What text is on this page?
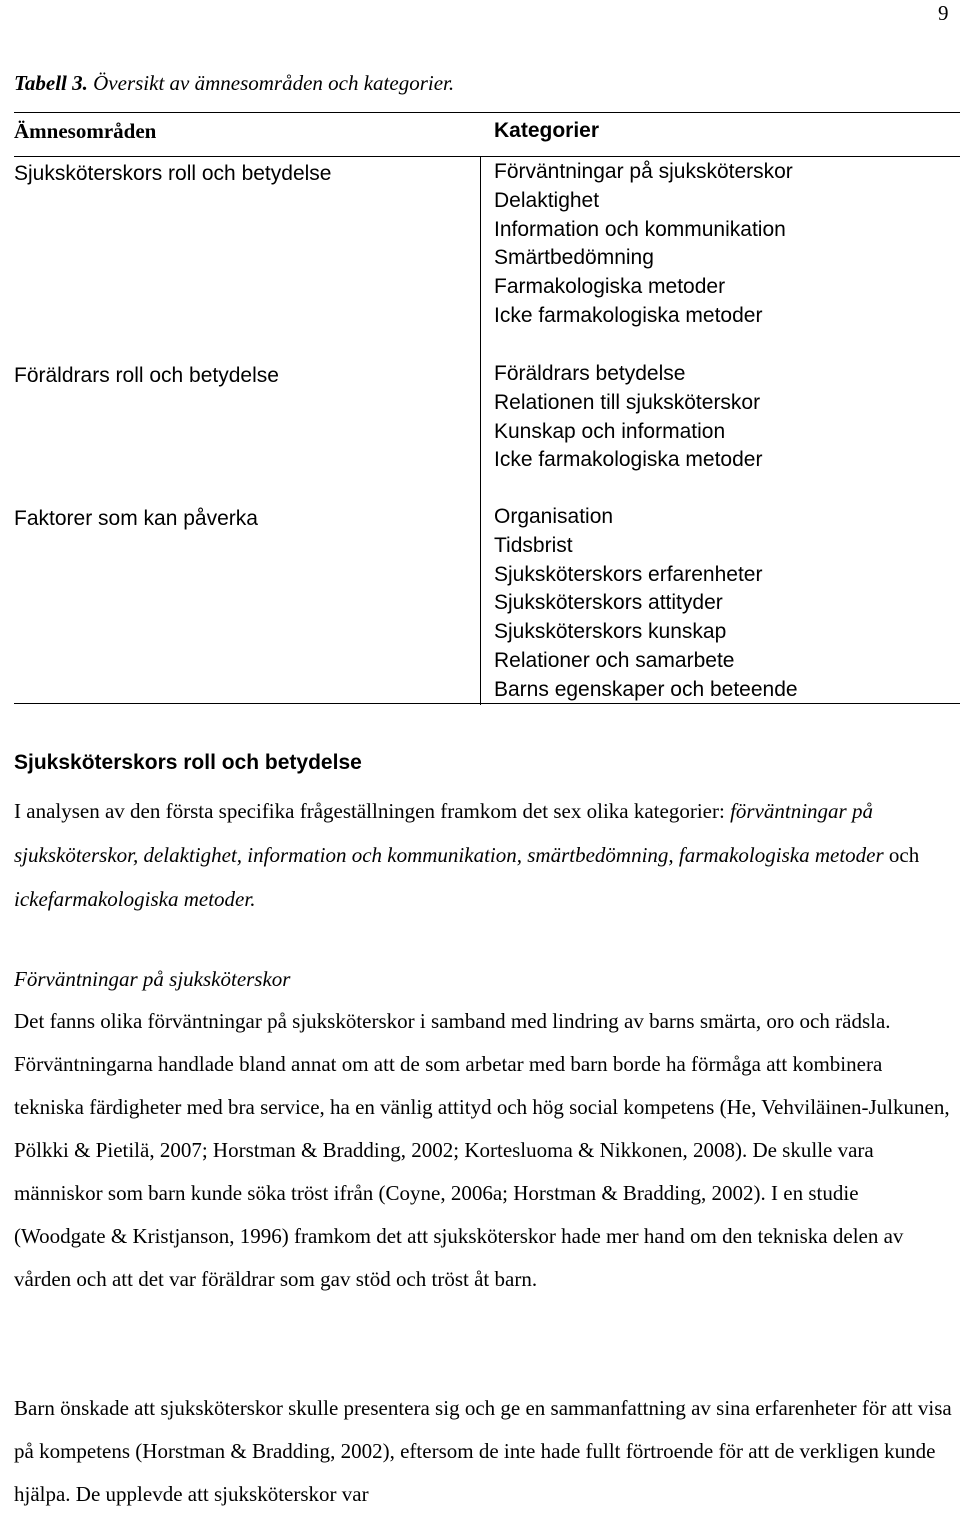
9
Tabell 3. Översikt av ämnesområden och kategorier.
Ämnesområden	Kategorier
Sjuksköterskors roll och betydelse	Förväntningar på sjuksköterskor
Delaktighet
Information och kommunikation
Smärtbedömning
Farmakologiska metoder
Icke farmakologiska metoder
Föräldrars roll och betydelse	Föräldrars betydelse
Relationen till sjuksköterskor
Kunskap och information
Icke farmakologiska metoder
Faktorer som kan påverka	Organisation
Tidsbrist
Sjuksköterskors erfarenheter
Sjuksköterskors attityder
Sjuksköterskors kunskap
Relationer och samarbete
Barns egenskaper och beteende
Sjuksköterskors roll och betydelse

I analysen av den första specifika frågeställningen framkom det sex olika kategorier: förväntningar på sjuksköterskor, delaktighet, information och kommunikation, smärtbedömning, farmakologiska metoder och ickefarmakologiska metoder.

Förväntningar på sjuksköterskor

Det fanns olika förväntningar på sjuksköterskor i samband med lindring av barns smärta, oro och rädsla. Förväntningarna handlade bland annat om att de som arbetar med barn borde ha förmåga att kombinera tekniska färdigheter med bra service, ha en vänlig attityd och hög social kompetens (He, Vehviläinen-Julkunen, Pölkki & Pietilä, 2007; Horstman & Bradding, 2002; Kortesluoma & Nikkonen, 2008). De skulle vara människor som barn kunde söka tröst ifrån (Coyne, 2006a; Horstman & Bradding, 2002). I en studie (Woodgate & Kristjanson, 1996) framkom det att sjuksköterskor hade mer hand om den tekniska delen av vården och att det var föräldrar som gav stöd och tröst åt barn.

Barn önskade att sjuksköterskor skulle presentera sig och ge en sammanfattning av sina erfarenheter för att visa på kompetens (Horstman & Bradding, 2002), eftersom de inte hade fullt förtroende för att de verkligen kunde hjälpa. De upplevde att sjuksköterskor var
